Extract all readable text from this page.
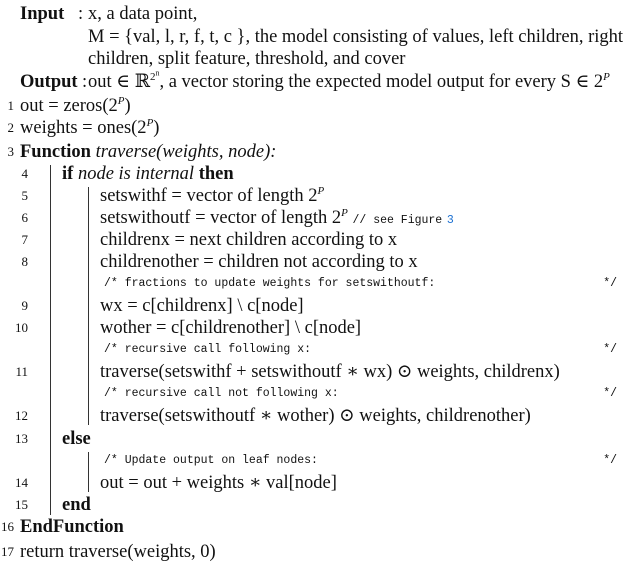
Input : x, a data point,
M = {val, l, r, f, t, c }, the model consisting of values, left children, right
children, split feature, threshold, and cover
Output : out ∈ ℝ$^{2^n}$, a vector storing the expected model output for every S ∈ $2^P$
1 out = $zeros(2^P)$
2 weights = $ones(2^P)$
3 Function traverse(weights, node):
4 if node is internal then
5	setswithf = vector of length $2^P$
6	setswithoutf = vector of length $2^P$ // see Figure 3
7	childrenx = next children according to x
8	childrenother = children not according to x
/* fractions to update weights for setswithoutf:	*/
9	wx = c[childrenx] \ c[node]
10	wother = c[childrenother] \ c[node]
/* recursive call following x:	*/
11	traverse(setswithf + setswithoutf ∗ wx) ⊙ weights, childrenx)
/* recursive call not following x:	*/
12	traverse(setswithoutf ∗ wother) ⊙ weights, childrenother)
13 else
/* Update output on leaf nodes:	*/
14	out = out + weights ∗ val[node]
15 end
16 EndFunction
17 return traverse(weights, 0)
